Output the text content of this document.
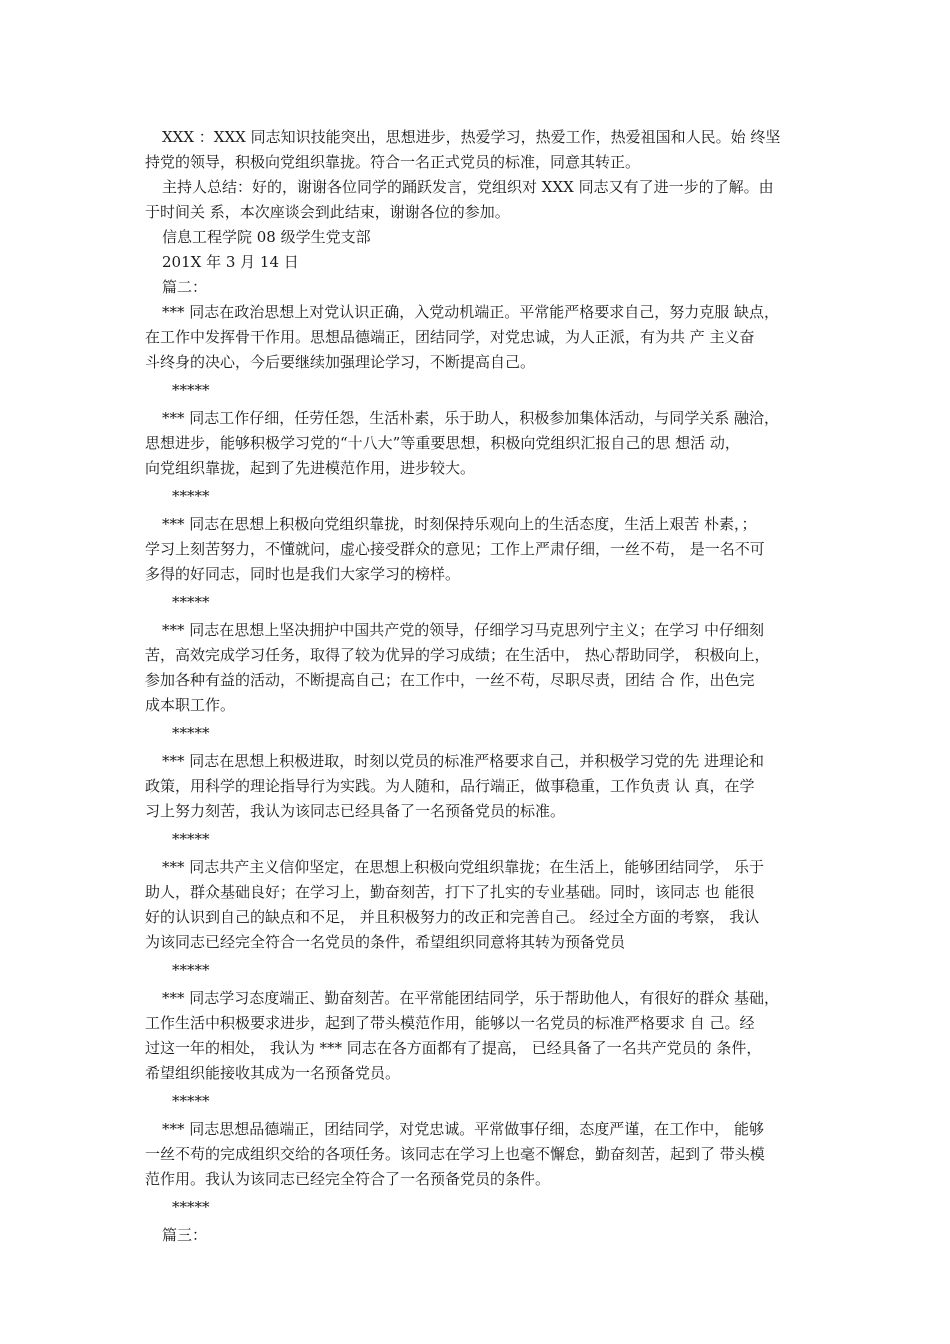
XXX ：XXX 同志知识技能突出，思想进步，热爱学习，热爱工作，热爱祖国和人民。始 终坚
持党的领导，积极向党组织靠拢。符合一名正式党员的标准，同意其转正。
主持人总结：好的，谢谢各位同学的踊跃发言，党组织对 XXX 同志又有了进一步的了解。由
于时间关 系，本次座谈会到此结束，谢谢各位的参加。
信息工程学院 08 级学生党支部
201X 年 3 月 14 日
篇二：
*** 同志在政治思想上对党认识正确，入党动机端正。平常能严格要求自己，努力克服 缺点，
在工作中发挥骨干作用。思想品德端正，团结同学，对党忠诚，为人正派，有为共 产 主义奋
斗终身的决心，今后要继续加强理论学习，不断提高自己。
*****
*** 同志工作仔细，任劳任怨，生活朴素，乐于助人，积极参加集体活动，与同学关系 融洽，
思想进步，能够积极学习党的“十八大”等重要思想，积极向党组织汇报自己的思 想活 动，
向党组织靠拢，起到了先进模范作用，进步较大。
*****
*** 同志在思想上积极向党组织靠拢，时刻保持乐观向上的生活态度，生活上艰苦 朴素，；
学习上刻苦努力，不懂就问，虚心接受群众的意见；工作上严肃仔细，一丝不苟， 是一名不可
多得的好同志，同时也是我们大家学习的榜样。
*****
*** 同志在思想上坚决拥护中国共产党的领导，仔细学习马克思列宁主义；在学习 中仔细刻
苦，高效完成学习任务，取得了较为优异的学习成绩；在生活中， 热心帮助同学， 积极向上，
参加各种有益的活动，不断提高自己；在工作中，一丝不苟，尽职尽责，团结 合 作，出色完
成本职工作。
*****
*** 同志在思想上积极进取，时刻以党员的标准严格要求自己，并积极学习党的先 进理论和
政策，用科学的理论指导行为实践。为人随和，品行端正，做事稳重，工作负责 认 真，在学
习上努力刻苦，我认为该同志已经具备了一名预备党员的标准。
*****
*** 同志共产主义信仰坚定，在思想上积极向党组织靠拢；在生活上，能够团结同学， 乐于
助人，群众基础良好；在学习上，勤奋刻苦，打下了扎实的专业基础。同时，该同志 也 能很
好的认识到自己的缺点和不足， 并且积极努力的改正和完善自己。 经过全方面的考察， 我认
为该同志已经完全符合一名党员的条件，希望组织同意将其转为预备党员
*****
*** 同志学习态度端正、勤奋刻苦。在平常能团结同学，乐于帮助他人，有很好的群众 基础，
工作生活中积极要求进步，起到了带头模范作用，能够以一名党员的标准严格要求 自 己。经
过这一年的相处， 我认为 *** 同志在各方面都有了提高， 已经具备了一名共产党员的 条件，
希望组织能接收其成为一名预备党员。
*****
*** 同志思想品德端正，团结同学，对党忠诚。平常做事仔细，态度严谨，在工作中， 能够
一丝不苟的完成组织交给的各项任务。该同志在学习上也毫不懈怠，勤奋刻苦，起到了 带头模
范作用。我认为该同志已经完全符合了一名预备党员的条件。
*****
篇三：
